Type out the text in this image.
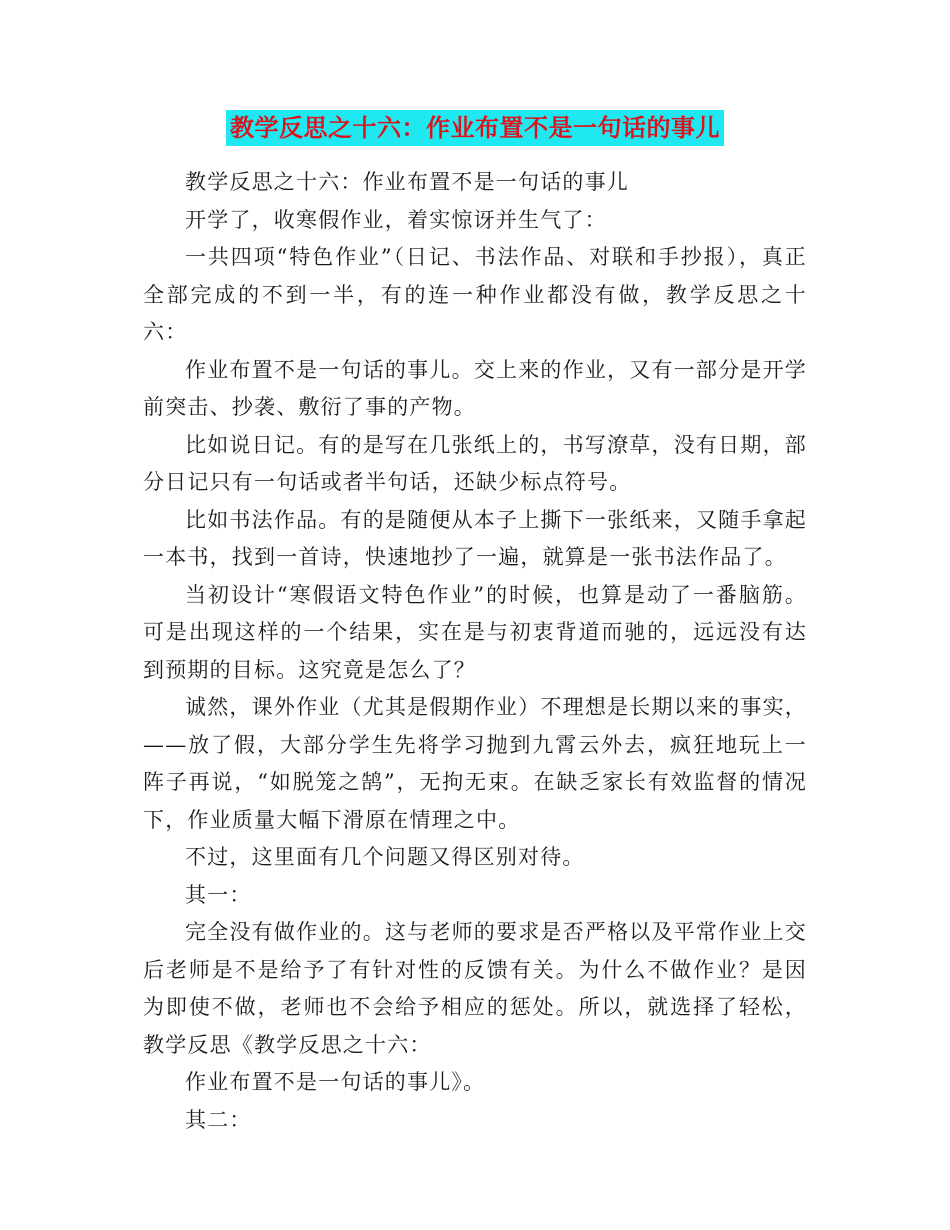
教学反思之十六：作业布置不是一句话的事儿

教学反思之十六：作业布置不是一句话的事儿

开学了，收寒假作业，着实惊讶并生气了：

一共四项“特色作业”（日记、书法作品、对联和手抄报），真正全部完成的不到一半，有的连一种作业都没有做，教学反思之十六：

作业布置不是一句话的事儿。交上来的作业，又有一部分是开学前突击、抄袭、敷衍了事的产物。

比如说日记。有的是写在几张纸上的，书写潦草，没有日期，部分日记只有一句话或者半句话，还缺少标点符号。

比如书法作品。有的是随便从本子上撕下一张纸来，又随手拿起一本书，找到一首诗，快速地抄了一遍，就算是一张书法作品了。

当初设计“寒假语文特色作业”的时候，也算是动了一番脑筋。可是出现这样的一个结果，实在是与初衷背道而驰的，远远没有达到预期的目标。这究竟是怎么了？

诚然，课外作业（尤其是假期作业）不理想是长期以来的事实，——放了假，大部分学生先将学习抛到九霄云外去，疯狂地玩上一阵子再说，“如脱笼之鹄”，无拘无束。在缺乏家长有效监督的情况下，作业质量大幅下滑原在情理之中。

不过，这里面有几个问题又得区别对待。

其一：

完全没有做作业的。这与老师的要求是否严格以及平常作业上交后老师是不是给予了有针对性的反馈有关。为什么不做作业？是因为即使不做，老师也不会给予相应的惩处。所以，就选择了轻松，教学反思《教学反思之十六：

作业布置不是一句话的事儿》。

其二：
